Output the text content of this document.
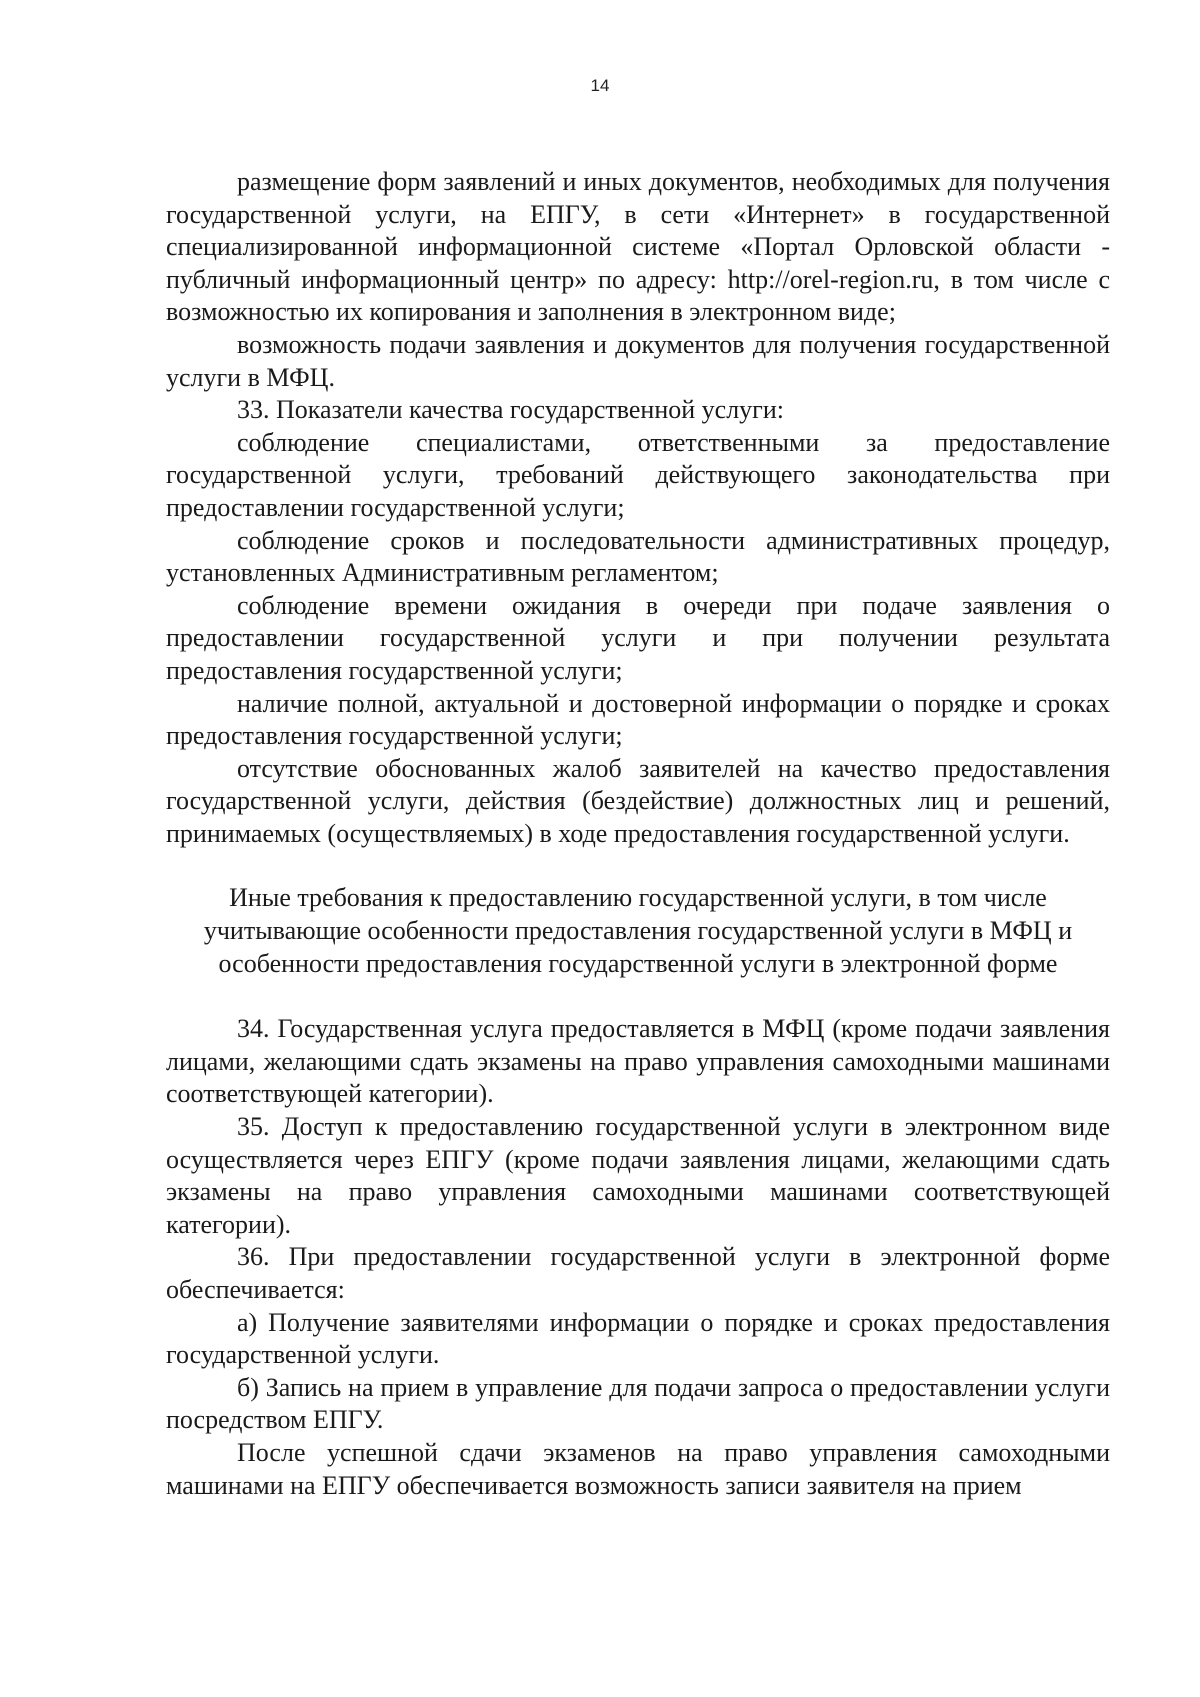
14

размещение форм заявлений и иных документов, необходимых для получения государственной услуги, на ЕПГУ, в сети «Интернет» в государственной специализированной информационной системе «Портал Орловской области - публичный информационный центр» по адресу: http://orel-region.ru, в том числе с возможностью их копирования и заполнения в электронном виде;

возможность подачи заявления и документов для получения государственной услуги в МФЦ.

33. Показатели качества государственной услуги:

соблюдение специалистами, ответственными за предоставление государственной услуги, требований действующего законодательства при предоставлении государственной услуги;

соблюдение сроков и последовательности административных процедур, установленных Административным регламентом;

соблюдение времени ожидания в очереди при подаче заявления о предоставлении государственной услуги и при получении результата предоставления государственной услуги;

наличие полной, актуальной и достоверной информации о порядке и сроках предоставления государственной услуги;

отсутствие обоснованных жалоб заявителей на качество предоставления государственной услуги, действия (бездействие) должностных лиц и решений, принимаемых (осуществляемых) в ходе предоставления государственной услуги.

Иные требования к предоставлению государственной услуги, в том числе
учитывающие особенности предоставления государственной услуги в МФЦ и
особенности предоставления государственной услуги в электронной форме

34. Государственная услуга предоставляется в МФЦ (кроме подачи заявления лицами, желающими сдать экзамены на право управления самоходными машинами соответствующей категории).

35. Доступ к предоставлению государственной услуги в электронном виде осуществляется через ЕПГУ (кроме подачи заявления лицами, желающими сдать экзамены на право управления самоходными машинами соответствующей категории).

36. При предоставлении государственной услуги в электронной форме обеспечивается:

а) Получение заявителями информации о порядке и сроках предоставления государственной услуги.

б) Запись на прием в управление для подачи запроса о предоставлении услуги посредством ЕПГУ.

После успешной сдачи экзаменов на право управления самоходными машинами на ЕПГУ обеспечивается возможность записи заявителя на прием
